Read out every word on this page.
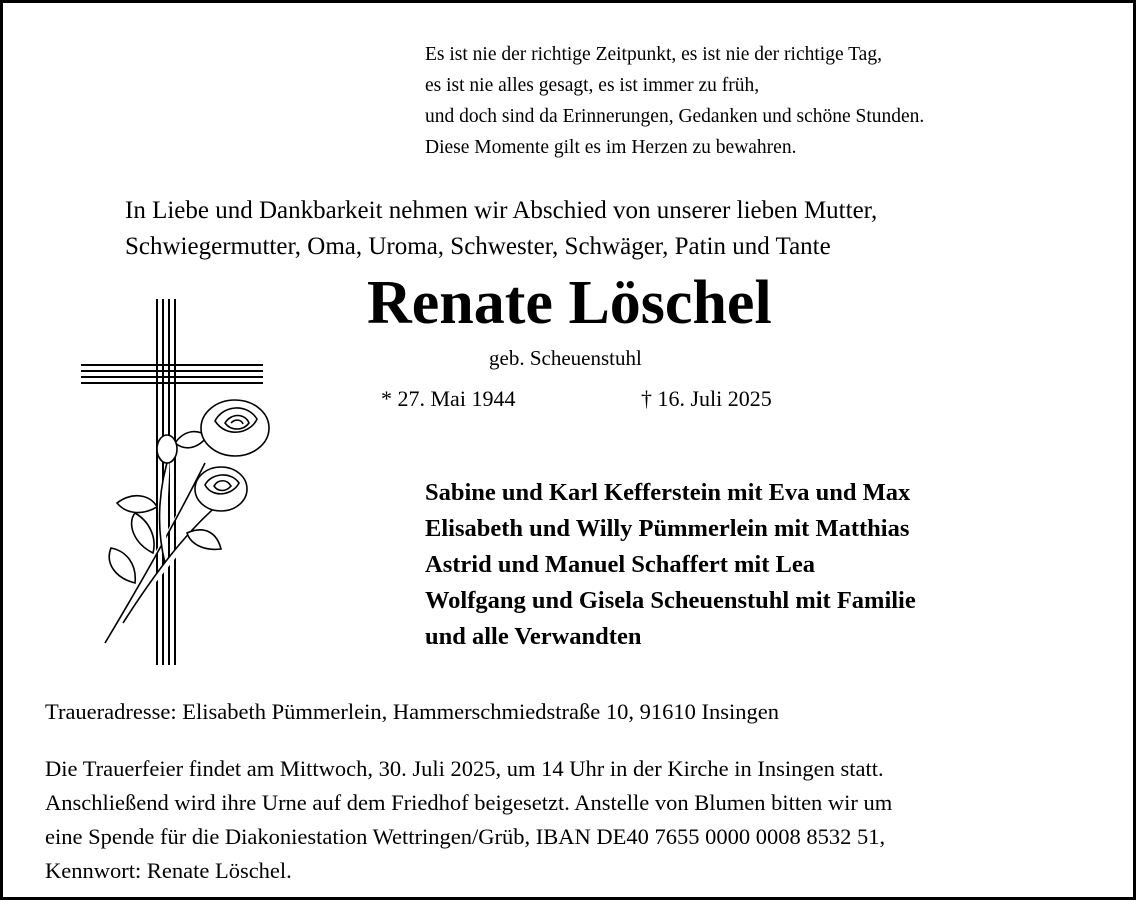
Es ist nie der richtige Zeitpunkt, es ist nie der richtige Tag,
es ist nie alles gesagt, es ist immer zu früh,
und doch sind da Erinnerungen, Gedanken und schöne Stunden.
Diese Momente gilt es im Herzen zu bewahren.
In Liebe und Dankbarkeit nehmen wir Abschied von unserer lieben Mutter,
Schwiegermutter, Oma, Uroma, Schwester, Schwäger, Patin und Tante
Renate Löschel
geb. Scheuenstuhl
* 27. Mai 1944	† 16. Juli 2025
Sabine und Karl Kefferstein mit Eva und Max
Elisabeth und Willy Pümmerlein mit Matthias
Astrid und Manuel Schaffert mit Lea
Wolfgang und Gisela Scheuenstuhl mit Familie
und alle Verwandten
Traueradresse: Elisabeth Pümmerlein, Hammerschmiedstraße 10, 91610 Insingen
Die Trauerfeier findet am Mittwoch, 30. Juli 2025, um 14 Uhr in der Kirche in Insingen statt.
Anschließend wird ihre Urne auf dem Friedhof beigesetzt. Anstelle von Blumen bitten wir um
eine Spende für die Diakoniestation Wettringen/Grüb, IBAN DE40 7655 0000 0008 8532 51,
Kennwort: Renate Löschel.
